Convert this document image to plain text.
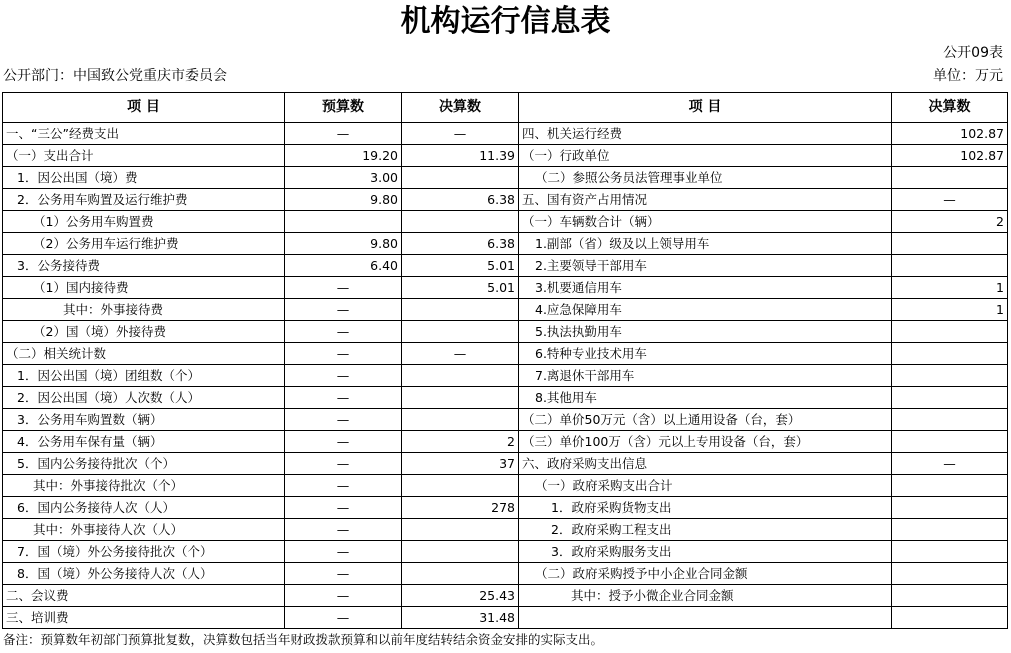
机构运行信息表
公开09表
公开部门：中国致公党重庆市委员会	单位：万元
项 目	预算数	决算数	项 目	决算数
一、“三公”经费支出	—	—	四、机关运行经费	102.87
（一）支出合计	19.20	11.39	（一）行政单位	102.87
1．因公出国（境）费	3.00		（二）参照公务员法管理事业单位	
2．公务用车购置及运行维护费	9.80	6.38	五、国有资产占用情况	—
（1）公务用车购置费			（一）车辆数合计（辆）	2
（2）公务用车运行维护费	9.80	6.38	1.副部（省）级及以上领导用车	
3．公务接待费	6.40	5.01	2.主要领导干部用车	
（1）国内接待费	—	5.01	3.机要通信用车	1
其中：外事接待费	—		4.应急保障用车	1
（2）国（境）外接待费	—		5.执法执勤用车	
（二）相关统计数	—	—	6.特种专业技术用车	
1．因公出国（境）团组数（个）	—		7.离退休干部用车	
2．因公出国（境）人次数（人）	—		8.其他用车	
3．公务用车购置数（辆）	—		（二）单价50万元（含）以上通用设备（台，套）	
4．公务用车保有量（辆）	—	2	（三）单价100万（含）元以上专用设备（台，套）	
5．国内公务接待批次（个）	—	37	六、政府采购支出信息	—
其中：外事接待批次（个）	—		（一）政府采购支出合计	
6．国内公务接待人次（人）	—	278	1．政府采购货物支出	
其中：外事接待人次（人）	—		2．政府采购工程支出	
7．国（境）外公务接待批次（个）	—		3．政府采购服务支出	
8．国（境）外公务接待人次（人）	—		（二）政府采购授予中小企业合同金额	
二、会议费	—	25.43	其中：授予小微企业合同金额	
三、培训费	—	31.48		
备注：预算数年初部门预算批复数，决算数包括当年财政拨款预算和以前年度结转结余资金安排的实际支出。
